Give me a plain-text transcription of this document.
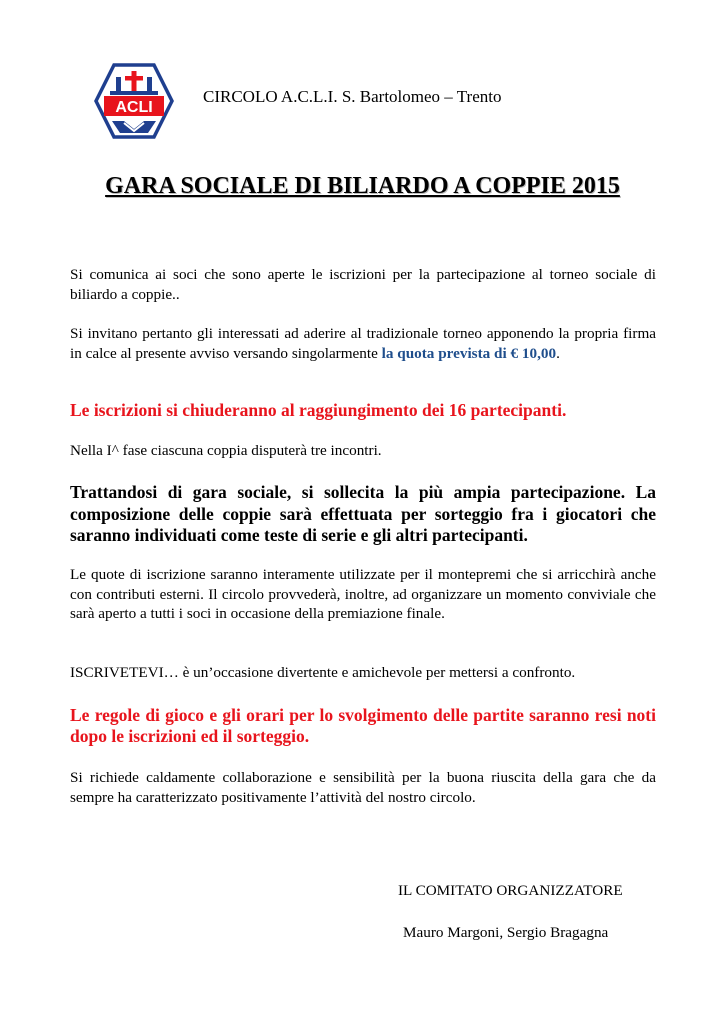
ACLI
CIRCOLO A.C.L.I. S. Bartolomeo – Trento
GARA SOCIALE DI BILIARDO A COPPIE 2015
Si comunica ai soci che sono aperte le iscrizioni per la partecipazione al torneo sociale di biliardo a coppie..
Si invitano pertanto gli interessati ad aderire al tradizionale torneo apponendo la propria firma in calce al presente avviso versando singolarmente la quota prevista di € 10,00.
Le iscrizioni si chiuderanno al raggiungimento dei 16 partecipanti.
Nella I^ fase ciascuna coppia disputerà tre incontri.
Trattandosi di gara sociale, si sollecita la più ampia partecipazione. La composizione delle coppie sarà effettuata per sorteggio fra i giocatori che saranno individuati come teste di serie e gli altri partecipanti.
Le quote di iscrizione saranno interamente utilizzate per il montepremi che si arricchirà anche con contributi esterni. Il circolo provvederà, inoltre, ad organizzare un momento conviviale che sarà aperto a tutti i soci in occasione della premiazione finale.
ISCRIVETEVI… è un’occasione divertente e amichevole per mettersi a confronto.
Le regole di gioco e gli orari per lo svolgimento delle partite saranno resi noti dopo le iscrizioni ed il sorteggio.
Si richiede caldamente collaborazione e sensibilità per la buona riuscita della gara che da sempre ha caratterizzato positivamente l’attività del nostro circolo.
IL COMITATO ORGANIZZATORE
Mauro Margoni, Sergio Bragagna
